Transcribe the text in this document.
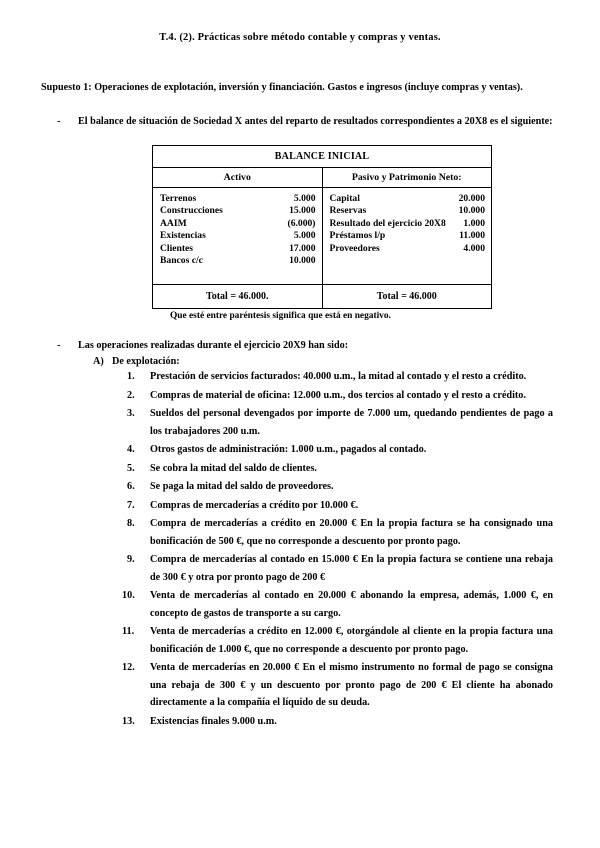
T.4. (2). Prácticas sobre método contable y compras y ventas.

Supuesto 1: Operaciones de explotación, inversión y financiación. Gastos e ingresos (incluye compras y ventas).

- El balance de situación de Sociedad X antes del reparto de resultados correspondientes a 20X8 es el siguiente:
BALANCE INICIAL	
Activo	Pasivo y Patrimonio Neto:

Terrenos	5.000
Construcciones	15.000
AAIM	(6.000)
Existencias	5.000
Clientes	17.000
Bancos c/c	10.000

Capital	20.000
Reservas	10.000
Resultado del ejercicio 20X8	1.000
Préstamos l/p	11.000
Proveedores	4.000

Total = 46.000.	Total = 46.000
Que esté entre paréntesis significa que está en negativo.
- Las operaciones realizadas durante el ejercicio 20X9 han sido:
A) De explotación:
1.	Prestación de servicios facturados: 40.000 u.m., la mitad al contado y el resto a crédito.
2.	Compras de material de oficina: 12.000 u.m., dos tercios al contado y el resto a crédito.
3.	Sueldos del personal devengados por importe de 7.000 um, quedando pendientes de pago a los trabajadores 200 u.m.
4.	Otros gastos de administración: 1.000 u.m., pagados al contado.
5.	Se cobra la mitad del saldo de clientes.
6.	Se paga la mitad del saldo de proveedores.
7.	Compras de mercaderías a crédito por 10.000 €.
8.	Compra de mercaderías a crédito en 20.000 € En la propia factura se ha consignado una bonificación de 500 €, que no corresponde a descuento por pronto pago.
9.	Compra de mercaderías al contado en 15.000 € En la propia factura se contiene una rebaja de 300 € y otra por pronto pago de 200 €
10.	Venta de mercaderías al contado en 20.000 € abonando la empresa, además, 1.000 €, en concepto de gastos de transporte a su cargo.
11.	Venta de mercaderías a crédito en 12.000 €, otorgándole al cliente en la propia factura una bonificación de 1.000 €, que no corresponde a descuento por pronto pago.
12.	Venta de mercaderías en 20.000 € En el mismo instrumento no formal de pago se consigna una rebaja de 300 € y un descuento por pronto pago de 200 € El cliente ha abonado directamente a la compañía el líquido de su deuda.
13.	Existencias finales 9.000 u.m.
